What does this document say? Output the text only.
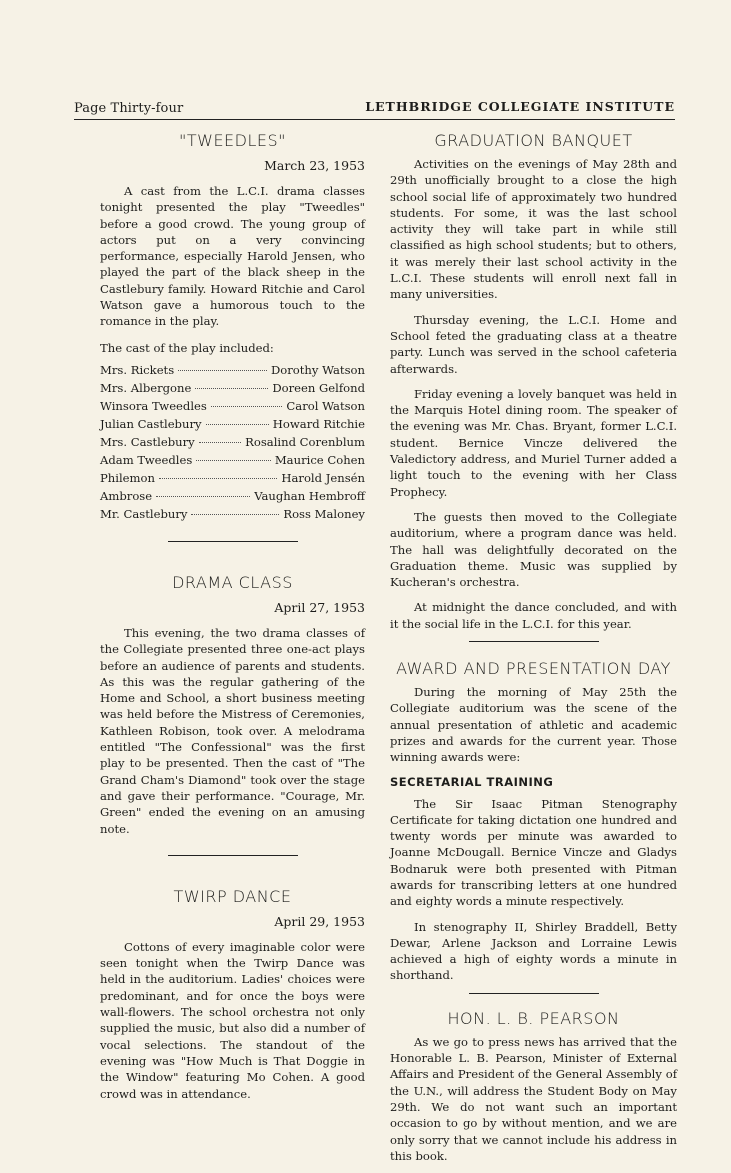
Page Thirty-four	LETHBRIDGE COLLEGIATE INSTITUTE
"TWEEDLES"
March 23, 1953

A cast from the L.C.I. drama classes tonight presented the play "Tweedles" before a good crowd. The young group of actors put on a very convincing performance, especially Harold Jensen, who played the part of the black sheep in the Castlebury family. Howard Ritchie and Carol Watson gave a humorous touch to the romance in the play.

The cast of the play included:

Mrs. Rickets	Dorothy Watson
Mrs. Albergone	Doreen Gelfond
Winsora Tweedles	Carol Watson
Julian Castlebury	Howard Ritchie
Mrs. Castlebury	Rosalind Corenblum
Adam Tweedles	Maurice Cohen
Philemon	Harold Jensén
Ambrose	Vaughan Hembroff
Mr. Castlebury	Ross Maloney
DRAMA CLASS
April 27, 1953

This evening, the two drama classes of the Collegiate presented three one-act plays before an audience of parents and students. As this was the regular gathering of the Home and School, a short business meeting was held before the Mistress of Ceremonies, Kathleen Robison, took over. A melodrama entitled "The Confessional" was the first play to be presented. Then the cast of "The Grand Cham's Diamond" took over the stage and gave their performance. "Courage, Mr. Green" ended the evening on an amusing note.

TWIRP DANCE
April 29, 1953

Cottons of every imaginable color were seen tonight when the Twirp Dance was held in the auditorium. Ladies' choices were predominant, and for once the boys were wall-flowers. The school orchestra not only supplied the music, but also did a number of vocal selections. The standout of the evening was "How Much is That Doggie in the Window" featuring Mo Cohen. A good crowd was in attendance.

GRADUATION BANQUET

Activities on the evenings of May 28th and 29th unofficially brought to a close the high school social life of approximately two hundred students. For some, it was the last school activity they will take part in while still classified as high school students; but to others, it was merely their last school activity in the L.C.I. These students will enroll next fall in many universities.

Thursday evening, the L.C.I. Home and School feted the graduating class at a theatre party. Lunch was served in the school cafeteria afterwards.

Friday evening a lovely banquet was held in the Marquis Hotel dining room. The speaker of the evening was Mr. Chas. Bryant, former L.C.I. student. Bernice Vincze delivered the Valedictory address, and Muriel Turner added a light touch to the evening with her Class Prophecy.

The guests then moved to the Collegiate auditorium, where a program dance was held. The hall was delightfully decorated on the Graduation theme. Music was supplied by Kucheran's orchestra.

At midnight the dance concluded, and with it the social life in the L.C.I. for this year.

AWARD AND PRESENTATION DAY

During the morning of May 25th the Collegiate auditorium was the scene of the annual presentation of athletic and academic prizes and awards for the current year. Those winning awards were:

SECRETARIAL TRAINING

The Sir Isaac Pitman Stenography Certificate for taking dictation one hundred and twenty words per minute was awarded to Joanne McDougall. Bernice Vincze and Gladys Bodnaruk were both presented with Pitman awards for transcribing letters at one hundred and eighty words a minute respectively.

In stenography II, Shirley Braddell, Betty Dewar, Arlene Jackson and Lorraine Lewis achieved a high of eighty words a minute in shorthand.

HON. L. B. PEARSON

As we go to press news has arrived that the Honorable L. B. Pearson, Minister of External Affairs and President of the General Assembly of the U.N., will address the Student Body on May 29th. We do not want such an important occasion to go by without mention, and we are only sorry that we cannot include his address in this book.
